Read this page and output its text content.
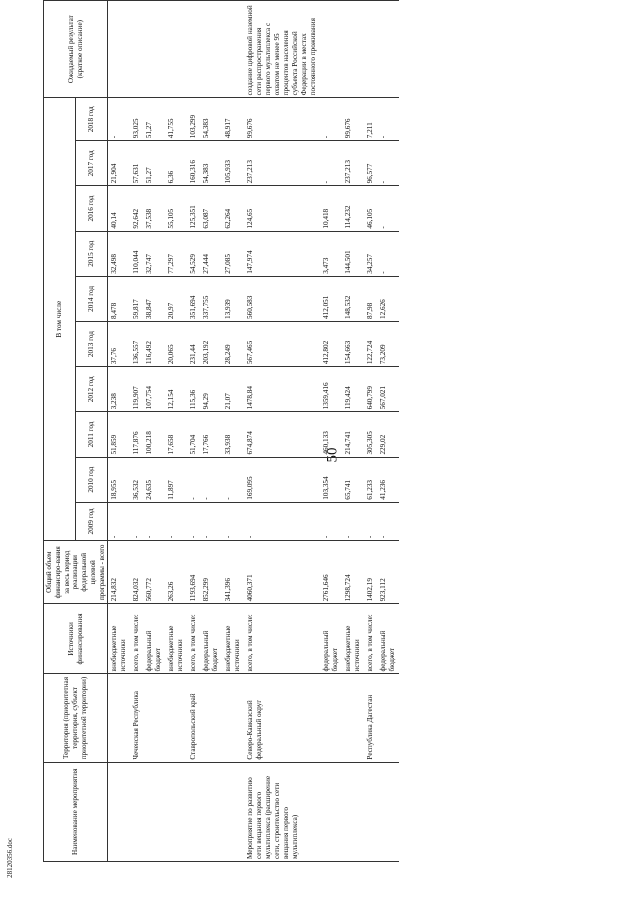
50
28120356.doc
Наименование мероприятия	Территория (приоритетная территория, субъект приоритетной территории)	Источники финансирования	Общий объем финансиро-вания за весь период реализации федеральной целевой программы - всего	В том числе										Ожидаемый результат (краткое описание)
				2009 год	2010 год	2011 год	2012 год	2013 год	2014 год	2015 год	2016 год	2017 год	2018 год	
		внебюджетные источники	214,832	-	18,955	51,859	3,238	37,76	8,478	32,498	40,14	21,904	-	
	Чеченская Республика	всего, в том числе:	824,032	-	36,532	117,876	119,907	136,557	59,817	110,044	92,642	57,631	93,025	
		федеральный бюджет	560,772	-	24,635	100,218	107,754	116,492	38,847	32,747	37,538	51,27	51,27	
		внебюджетные источники	263,26	-	11,897	17,658	12,154	20,065	20,97	77,297	55,105	6,36	41,755	
	Ставропольский край	всего, в том числе:	1193,694	-	-	51,704	115,36	231,44	351,694	54,529	125,351	160,316	103,299	
		федеральный бюджет	852,299	-	-	17,766	94,29	203,192	337,755	27,444	63,087	54,383	54,383	
		внебюджетные источники	341,396	-	-	33,938	21,07	28,249	13,939	27,085	62,264	105,933	48,917	
Мероприятие по развитию сети вещания первого мультиплекса (расширение сети, строительство сети вещания первого мультиплекса)	Северо-Кавказский федеральный округ	всего, в том числе:	4060,371	-	169,095	674,874	1478,84	567,465	560,583	147,974	124,65	237,213	99,676	создание цифровой наземной сети распространения первого мультиплекса с охватом не менее 95 процентов населения субъекта Российской Федерации в местах постоянного проживания
		федеральный бюджет	2761,646	-	103,354	460,133	1359,416	412,802	412,051	3,473	10,418	-	-	
		внебюджетные источники	1298,724	-	65,741	214,741	119,424	154,663	148,532	144,501	114,232	237,213	99,676	
	Республика Дагестан	всего, в том числе:	1402,19	-	61,233	305,305	640,799	122,724	87,98	34,257	46,105	96,577	7,211	
		федеральный бюджет	923,112	-	41,236	229,02	567,021	73,209	12,626	-	-	-	-	
